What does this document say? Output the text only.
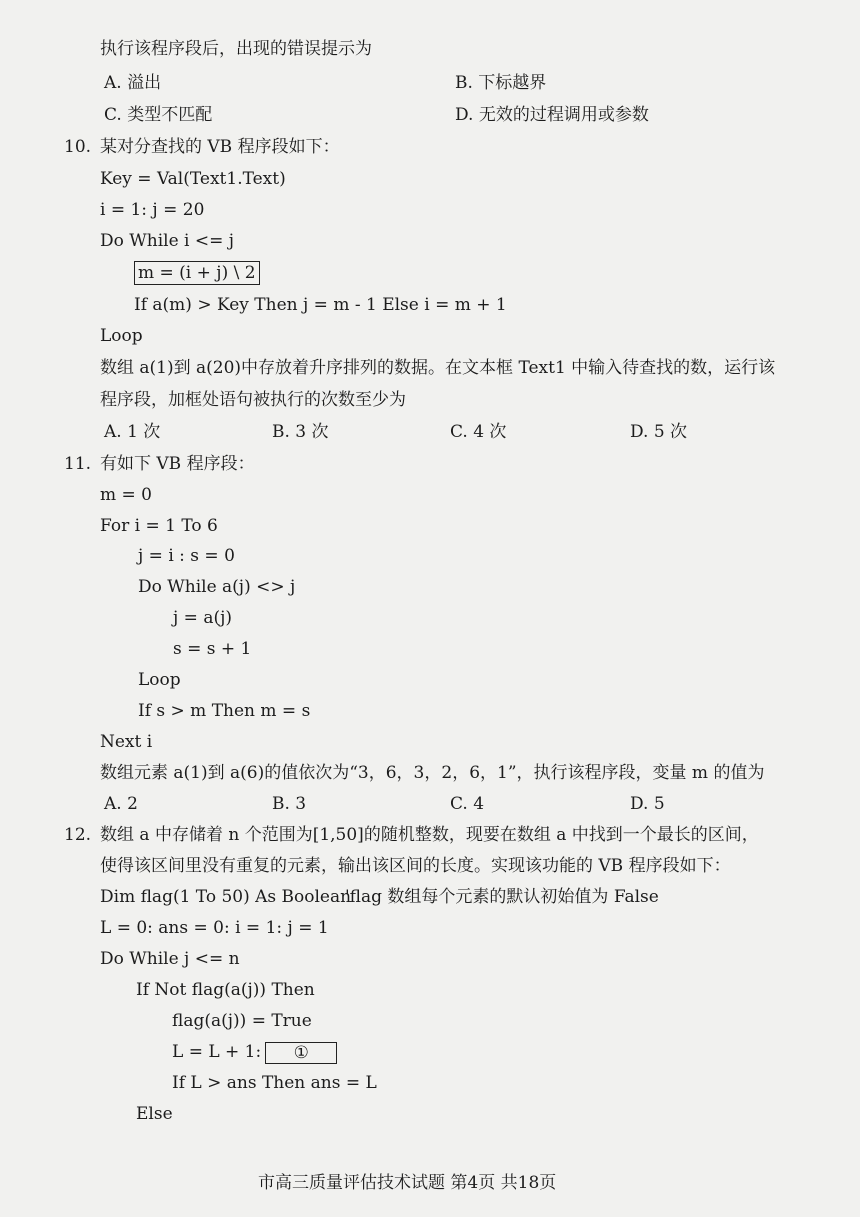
执行该程序段后，出现的错误提示为
A. 溢出	B. 下标越界
C. 类型不匹配	D. 无效的过程调用或参数
10. 某对分查找的 VB 程序段如下：
Key = Val(Text1.Text)
i = 1: j = 20
Do While i <= j
m = (i + j) \ 2
If a(m) > Key Then j = m - 1 Else i = m + 1
Loop
数组 a(1)到 a(20)中存放着升序排列的数据。在文本框 Text1 中输入待查找的数，运行该
程序段，加框处语句被执行的次数至少为
A. 1 次	B. 3 次	C. 4 次	D. 5 次
11. 有如下 VB 程序段：
m = 0
For i = 1 To 6
j = i : s = 0
Do While a(j) <> j
j = a(j)
s = s + 1
Loop
If s > m Then m = s
Next i
数组元素 a(1)到 a(6)的值依次为“3，6，3，2，6，1”，执行该程序段，变量 m 的值为
A. 2	B. 3	C. 4	D. 5
12. 数组 a 中存储着 n 个范围为[1,50]的随机整数，现要在数组 a 中找到一个最长的区间，
使得该区间里没有重复的元素，输出该区间的长度。实现该功能的 VB 程序段如下：
Dim flag(1 To 50) As Boolean
'flag 数组每个元素的默认初始值为 False
L = 0: ans = 0: i = 1: j = 1
Do While j <= n
If Not flag(a(j)) Then
flag(a(j)) = True
L = L + 1: ①
If L > ans Then ans = L
Else
市高三质量评估技术试题 第4页 共18页
